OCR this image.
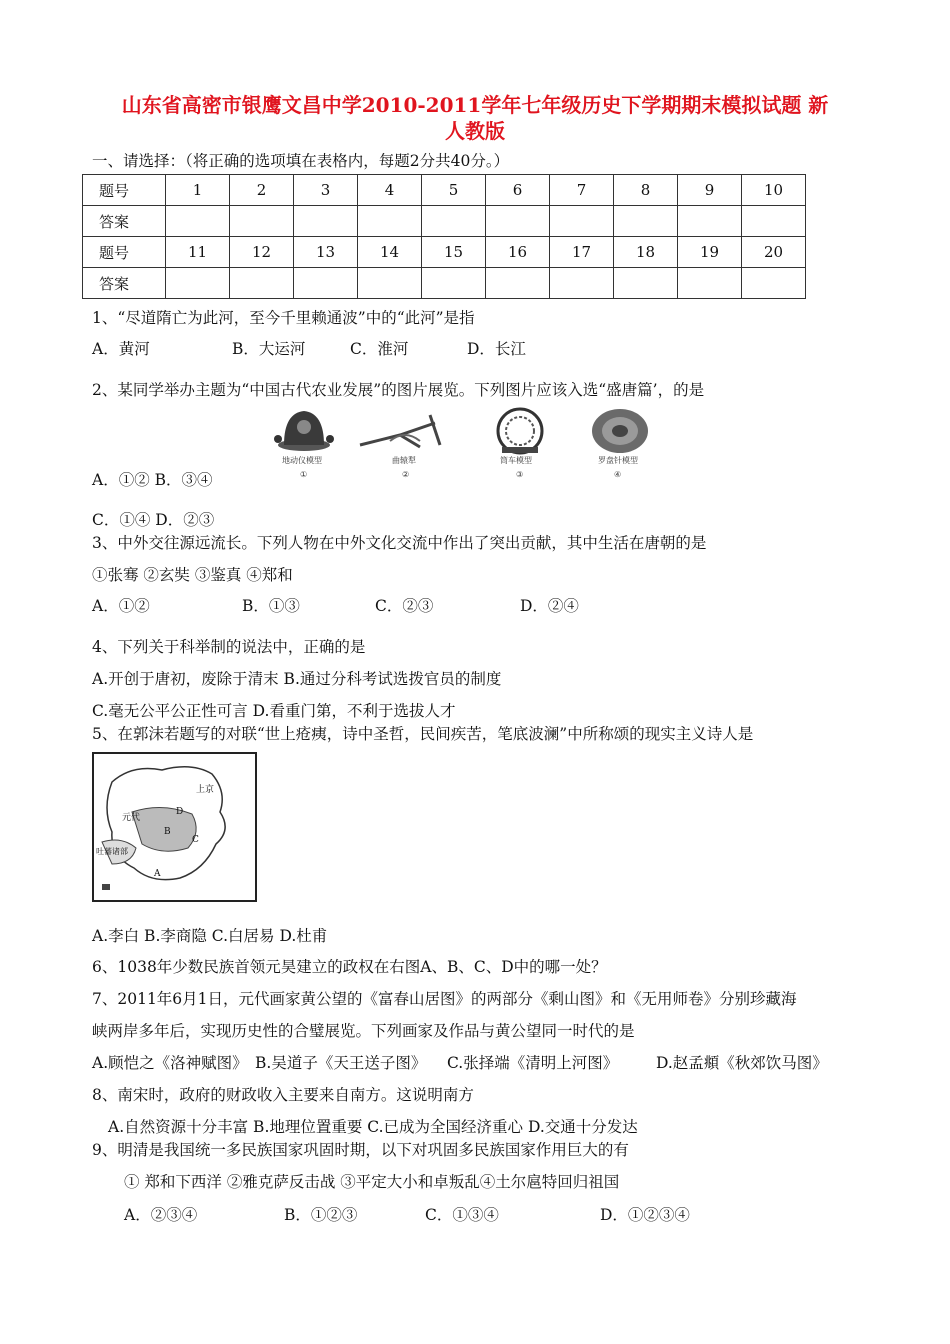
山东省高密市银鹰文昌中学2010-2011学年七年级历史下学期期末模拟试题 新
人教版
一、请选择：（将正确的选项填在表格内，每题2分共40分。）
题号	1	2	3	4	5	6	7	8	9	10
答案										
题号	11	12	13	14	15	16	17	18	19	20
答案										
1、“尽道隋亡为此河，至今千里赖通波”中的“此河”是指
A．黄河	B．大运河	C．淮河	D．长江
2、某同学举办主题为“中国古代农业发展”的图片展览。下列图片应该入选“盛唐篇’，的是
地动仪模型
①
曲辕犁
②
筒车模型
③
罗盘针模型
④
A．①② B．③④
C．①④ D．②③
3、中外交往源远流长。下列人物在中外文化交流中作出了突出贡献，其中生活在唐朝的是
①张骞 ②玄奘 ③鉴真 ④郑和
A．①②	B．①③	C．②③	D．②④
4、下列关于科举制的说法中，正确的是
A.开创于唐初，废除于清末 B.通过分科考试选拨官员的制度
C.毫无公平公正性可言 D.看重门第，不利于选拔人才
5、在郭沫若题写的对联“世上疮痍，诗中圣哲，民间疾苦，笔底波澜”中所称颂的现实主义诗人是
上京
元代
吐蕃诸部
A
B
C
D
A.李白 B.李商隐 C.白居易 D.杜甫
6、1038年少数民族首领元昊建立的政权在右图A、B、C、D中的哪一处？
7、2011年6月1日，元代画家黄公望的《富春山居图》的两部分《剩山图》和《无用师卷》分别珍藏海
峡两岸多年后，实现历史性的合璧展览。下列画家及作品与黄公望同一时代的是
A.顾恺之《洛神赋图》 B.吴道子《天王送子图》 C.张择端《清明上河图》 D.赵孟頫《秋郊饮马图》
8、南宋时，政府的财政收入主要来自南方。这说明南方
A.自然资源十分丰富 B.地理位置重要 C.已成为全国经济重心 D.交通十分发达
9、明清是我国统一多民族国家巩固时期，以下对巩固多民族国家作用巨大的有
① 郑和下西洋 ②雅克萨反击战 ③平定大小和卓叛乱④土尔扈特回归祖国
A．②③④	B．①②③	C．①③④	D．①②③④
